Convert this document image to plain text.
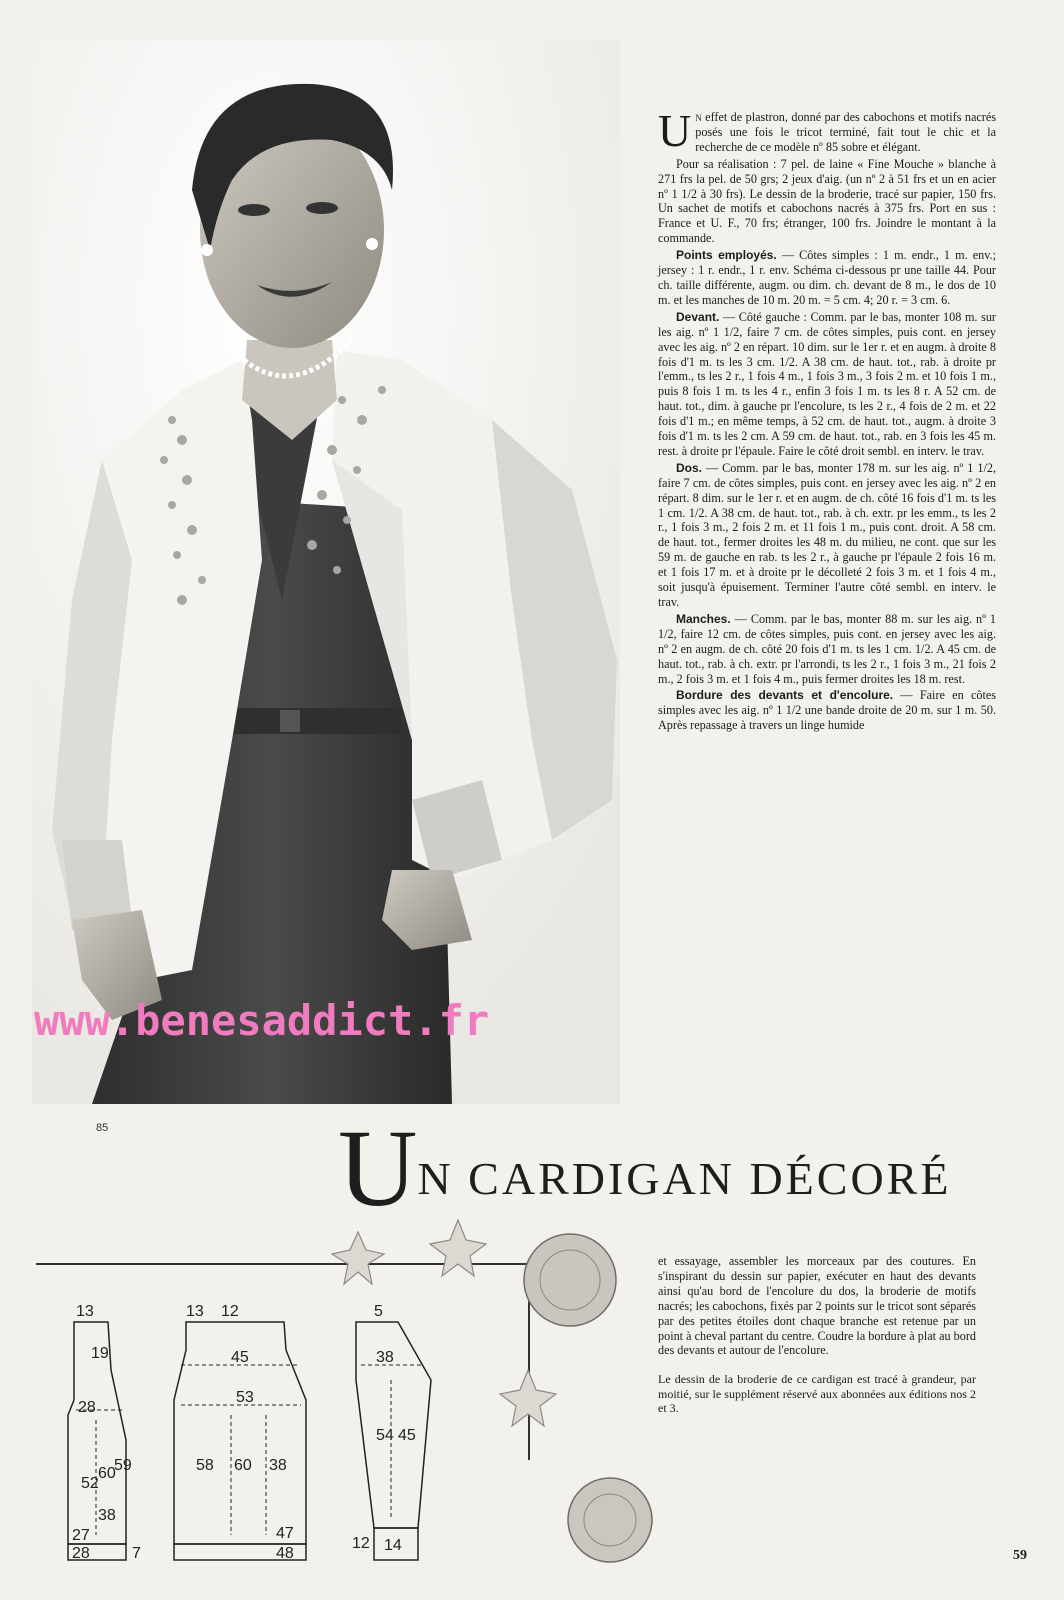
www.benesaddict.fr
85

Un effet de plastron, donné par des cabochons et motifs nacrés posés une fois le tricot terminé, fait tout le chic et la recherche de ce modèle nº 85 sobre et élégant.

Pour sa réalisation : 7 pel. de laine « Fine Mouche » blanche à 271 frs la pel. de 50 grs; 2 jeux d'aig. (un nº 2 à 51 frs et un en acier nº 1 1/2 à 30 frs). Le dessin de la broderie, tracé sur papier, 150 frs. Un sachet de motifs et cabochons nacrés à 375 frs. Port en sus : France et U. F., 70 frs; étranger, 100 frs. Joindre le montant à la commande.

Points employés. — Côtes simples : 1 m. endr., 1 m. env.; jersey : 1 r. endr., 1 r. env. Schéma ci-dessous pr une taille 44. Pour ch. taille différente, augm. ou dim. ch. devant de 8 m., le dos de 10 m. et les manches de 10 m. 20 m. = 5 cm. 4; 20 r. = 3 cm. 6.

Devant. — Côté gauche : Comm. par le bas, monter 108 m. sur les aig. nº 1 1/2, faire 7 cm. de côtes simples, puis cont. en jersey avec les aig. nº 2 en répart. 10 dim. sur le 1er r. et en augm. à droite 8 fois d'1 m. ts les 3 cm. 1/2. A 38 cm. de haut. tot., rab. à droite pr l'emm., ts les 2 r., 1 fois 4 m., 1 fois 3 m., 3 fois 2 m. et 10 fois 1 m., puis 8 fois 1 m. ts les 4 r., enfin 3 fois 1 m. ts les 8 r. A 52 cm. de haut. tot., dim. à gauche pr l'encolure, ts les 2 r., 4 fois de 2 m. et 22 fois d'1 m.; en même temps, à 52 cm. de haut. tot., augm. à droite 3 fois d'1 m. ts les 2 cm. A 59 cm. de haut. tot., rab. en 3 fois les 45 m. rest. à droite pr l'épaule. Faire le côté droit sembl. en interv. le trav.

Dos. — Comm. par le bas, monter 178 m. sur les aig. nº 1 1/2, faire 7 cm. de côtes simples, puis cont. en jersey avec les aig. nº 2 en répart. 8 dim. sur le 1er r. et en augm. de ch. côté 16 fois d'1 m. ts les 1 cm. 1/2. A 38 cm. de haut. tot., rab. à ch. extr. pr les emm., ts les 2 r., 1 fois 3 m., 2 fois 2 m. et 11 fois 1 m., puis cont. droit. A 58 cm. de haut. tot., fermer droites les 48 m. du milieu, ne cont. que sur les 59 m. de gauche en rab. ts les 2 r., à gauche pr l'épaule 2 fois 16 m. et 1 fois 17 m. et à droite pr le décolleté 2 fois 3 m. et 1 fois 4 m., soit jusqu'à épuisement. Terminer l'autre côté sembl. en interv. le trav.

Manches. — Comm. par le bas, monter 88 m. sur les aig. nº 1 1/2, faire 12 cm. de côtes simples, puis cont. en jersey avec les aig. nº 2 en augm. de ch. côté 20 fois d'1 m. ts les 1 cm. 1/2. A 45 cm. de haut. tot., rab. à ch. extr. pr l'arrondi, ts les 2 r., 1 fois 3 m., 21 fois 2 m., 2 fois 3 m. et 1 fois 4 m., puis fermer droites les 18 m. rest.

Bordure des devants et d'encolure. — Faire en côtes simples avec les aig. nº 1 1/2 une bande droite de 20 m. sur 1 m. 50. Après repassage à travers un linge humide

UN CARDIGAN DÉCORÉ
13
19
28
52
60
38
59
27
28	7
13 12
45
53
58 60 38
47
48
5
38
54 45
12 14

et essayage, assembler les morceaux par des coutures. En s'inspirant du dessin sur papier, exécuter en haut des devants ainsi qu'au bord de l'encolure du dos, la broderie de motifs nacrés; les cabochons, fixés par 2 points sur le tricot sont séparés par des petites étoiles dont chaque branche est retenue par un point à cheval partant du centre. Coudre la bordure à plat au bord des devants et autour de l'encolure.

Le dessin de la broderie de ce cardigan est tracé à grandeur, par moitié, sur le supplément réservé aux abonnées aux éditions nos 2 et 3.

59
